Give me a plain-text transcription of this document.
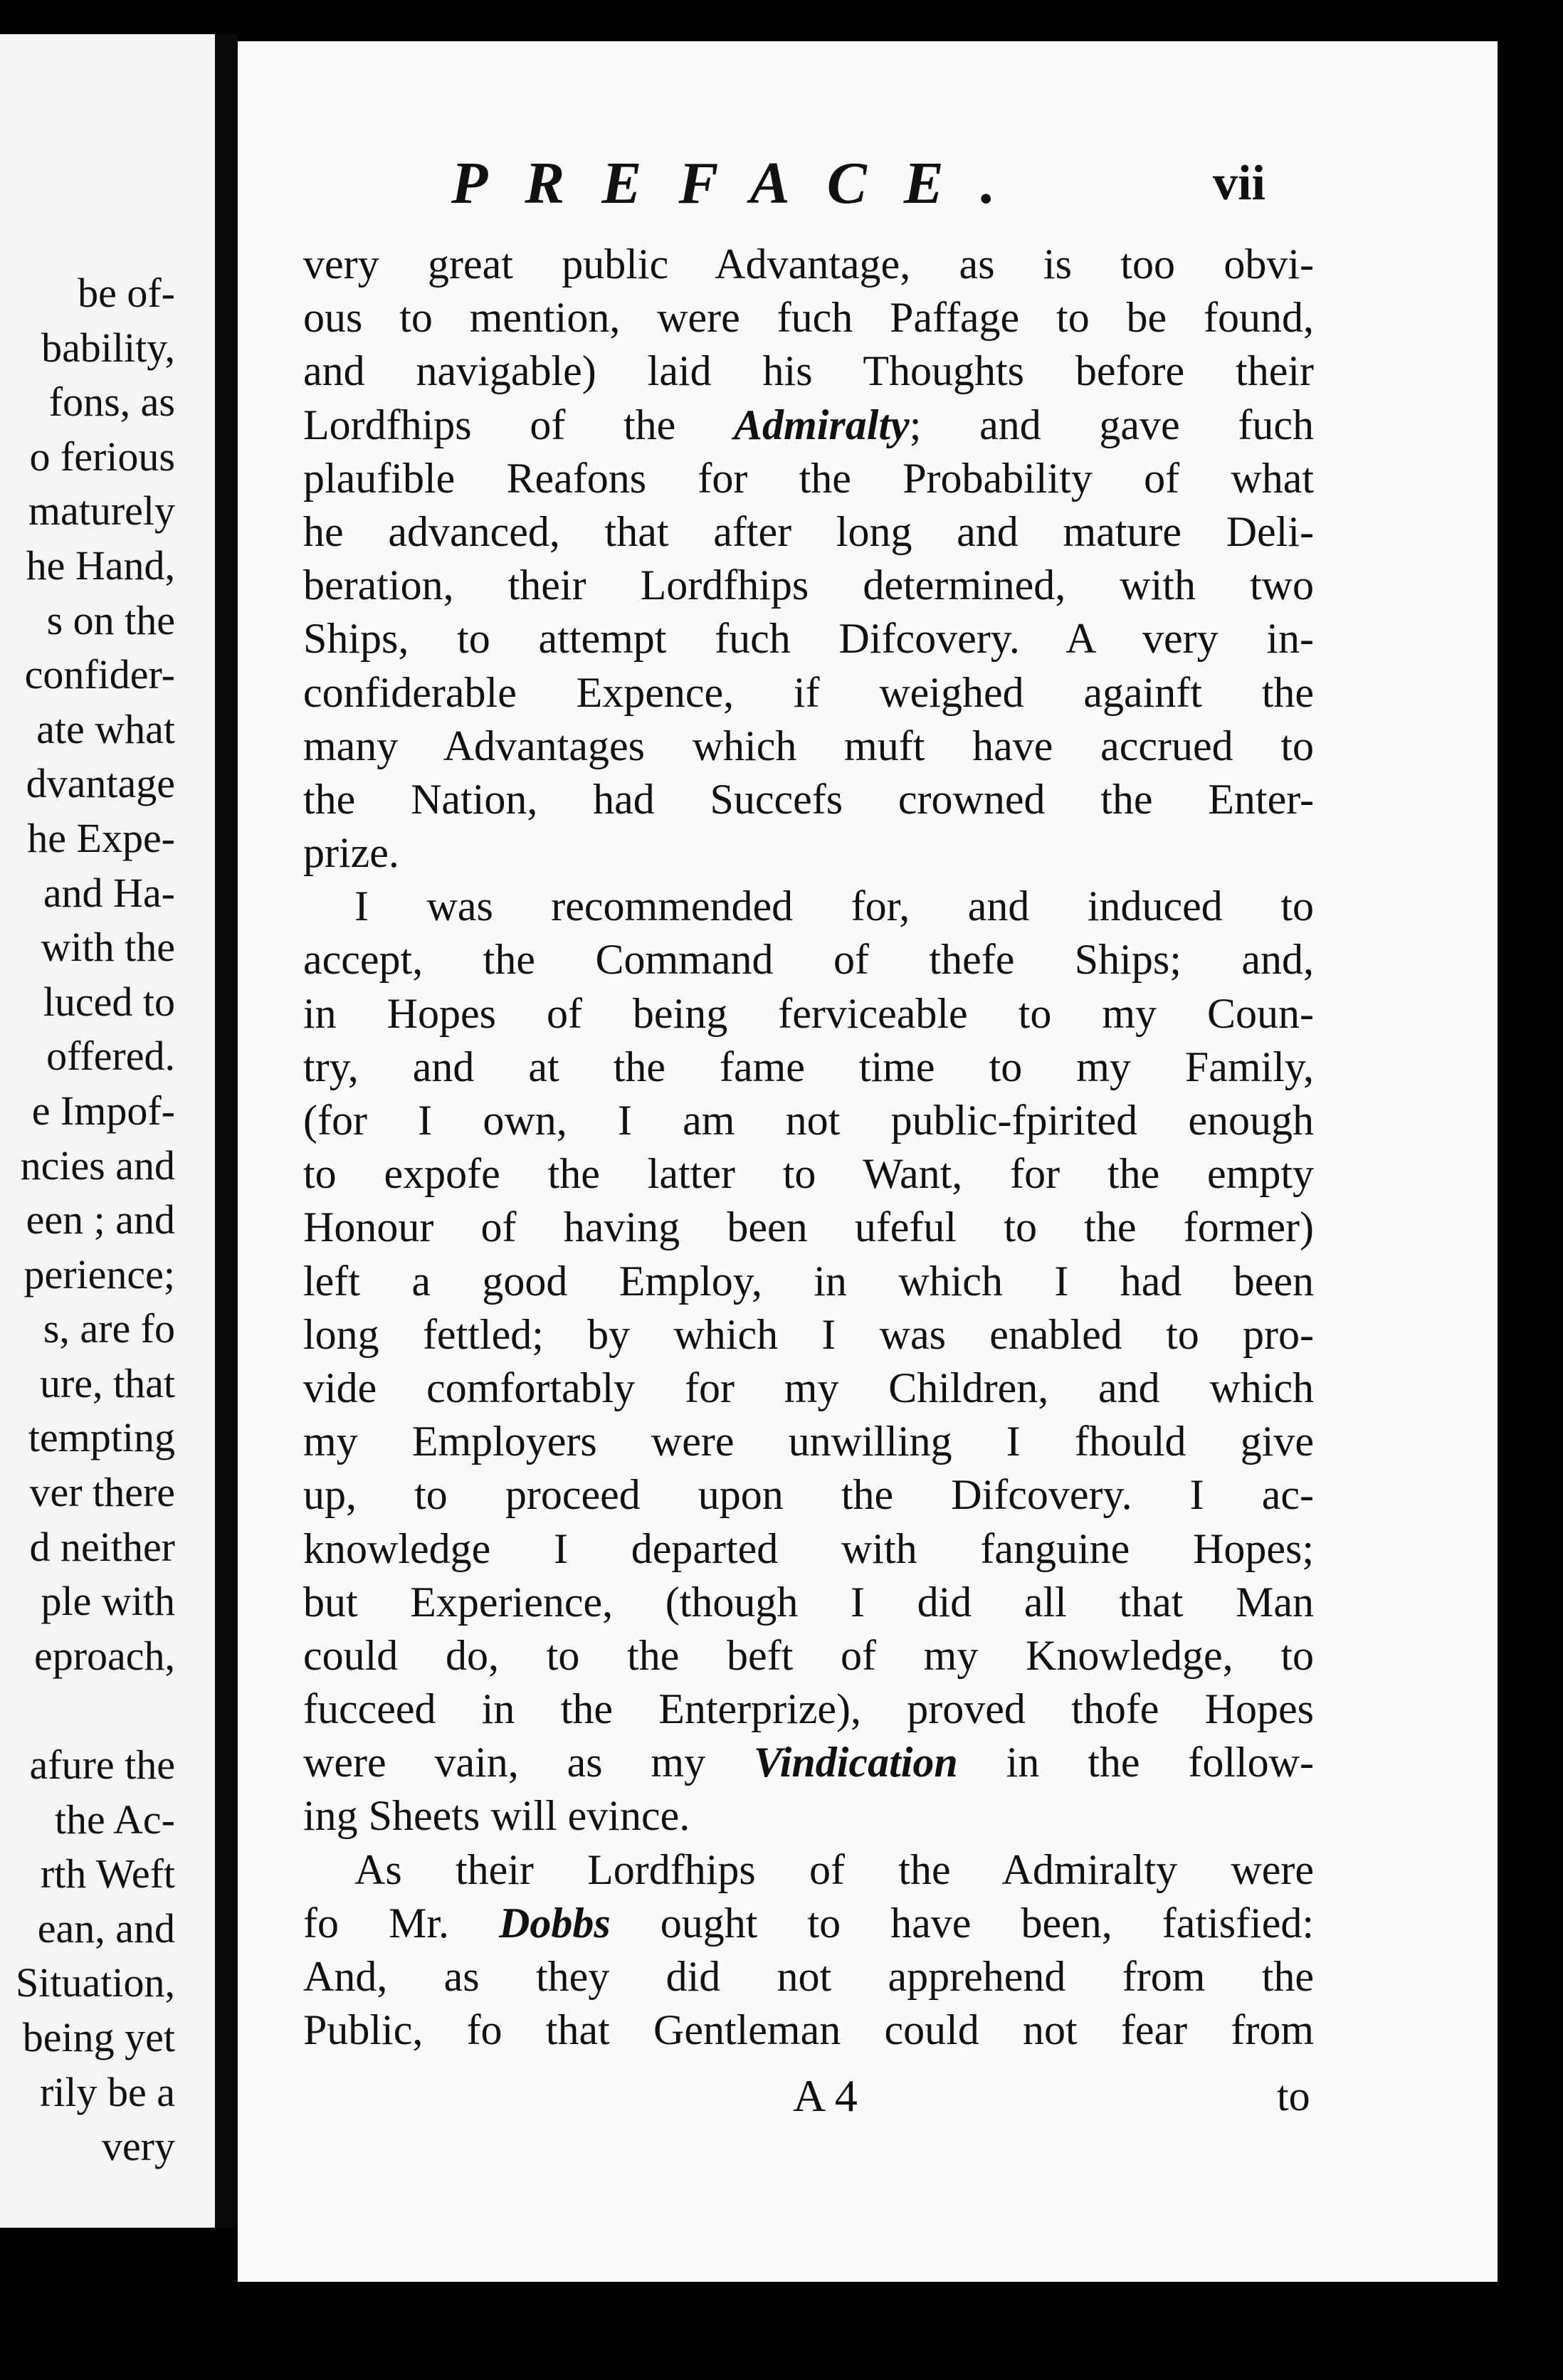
be of-
bability,
fons, as
o ferious
maturely
he Hand,
s on the
confider-
ate what
dvantage
he Expe-
and Ha-
with the
luced to
offered.
e Impof-
ncies and
een ; and
perience;
s, are fo
ure, that
tempting
ver there
d neither
ple with
eproach,

afure the
the Ac-
rth Weft
ean, and
Situation,
being yet
rily be a
very
PREFACE.	vii
very great public Advantage, as is too obvi-
ous to mention, were fuch Paffage to be found,
and navigable) laid his Thoughts before their
Lordfhips of the Admiralty; and gave fuch
plaufible Reafons for the Probability of what
he advanced, that after long and mature Deli-
beration, their Lordfhips determined, with two
Ships, to attempt fuch Difcovery. A very in-
confiderable Expence, if weighed againft the
many Advantages which muft have accrued to
the Nation, had Succefs crowned the Enter-
prize.
I was recommended for, and induced to
accept, the Command of thefe Ships; and,
in Hopes of being ferviceable to my Coun-
try, and at the fame time to my Family,
(for I own, I am not public-fpirited enough
to expofe the latter to Want, for the empty
Honour of having been ufeful to the former)
left a good Employ, in which I had been
long fettled; by which I was enabled to pro-
vide comfortably for my Children, and which
my Employers were unwilling I fhould give
up, to proceed upon the Difcovery. I ac-
knowledge I departed with fanguine Hopes;
but Experience, (though I did all that Man
could do, to the beft of my Knowledge, to
fucceed in the Enterprize), proved thofe Hopes
were vain, as my Vindication in the follow-
ing Sheets will evince.
As their Lordfhips of the Admiralty were
fo Mr. Dobbs ought to have been, fatisfied:
And, as they did not apprehend from the
Public, fo that Gentleman could not fear from
A 4	to
